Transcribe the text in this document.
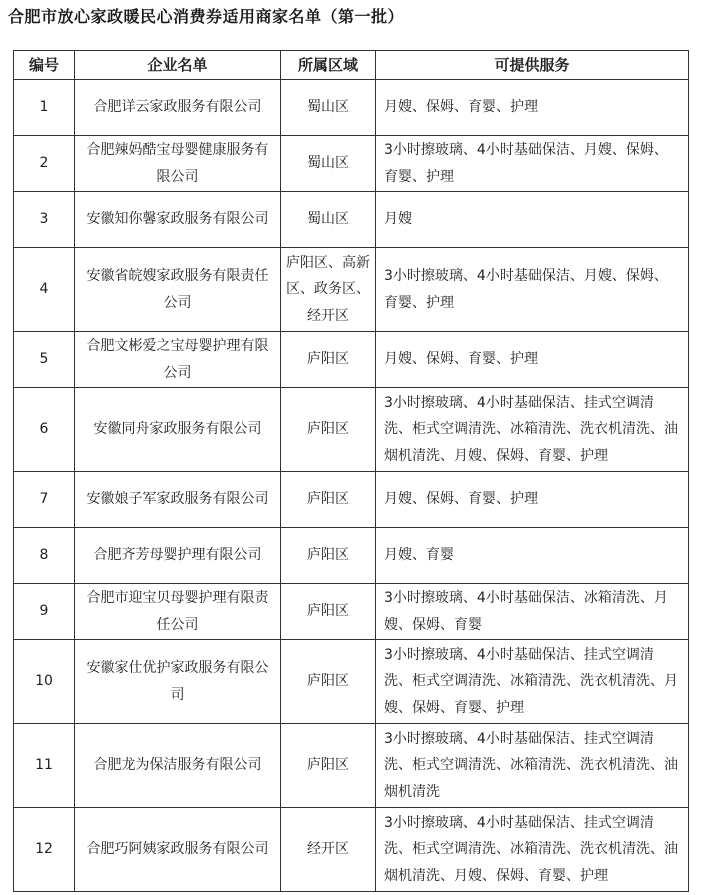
合肥市放心家政暖民心消费券适用商家名单（第一批）
编号	企业名单	所属区域	可提供服务
1	合肥详云家政服务有限公司	蜀山区	月嫂、保姆、育婴、护理
2	合肥辣妈酷宝母婴健康服务有限公司	蜀山区	3小时擦玻璃、4小时基础保洁、月嫂、保姆、育婴、护理
3	安徽知你馨家政服务有限公司	蜀山区	月嫂
4	安徽省皖嫂家政服务有限责任公司	庐阳区、高新区、政务区、经开区	3小时擦玻璃、4小时基础保洁、月嫂、保姆、育婴、护理
5	合肥文彬爱之宝母婴护理有限公司	庐阳区	月嫂、保姆、育婴、护理
6	安徽同舟家政服务有限公司	庐阳区	3小时擦玻璃、4小时基础保洁、挂式空调清洗、柜式空调清洗、冰箱清洗、洗衣机清洗、油烟机清洗、月嫂、保姆、育婴、护理
7	安徽娘子军家政服务有限公司	庐阳区	月嫂、保姆、育婴、护理
8	合肥齐芳母婴护理有限公司	庐阳区	月嫂、育婴
9	合肥市迎宝贝母婴护理有限责任公司	庐阳区	3小时擦玻璃、4小时基础保洁、冰箱清洗、月嫂、保姆、育婴
10	安徽家仕优护家政服务有限公司	庐阳区	3小时擦玻璃、4小时基础保洁、挂式空调清洗、柜式空调清洗、冰箱清洗、洗衣机清洗、月嫂、保姆、育婴、护理
11	合肥龙为保洁服务有限公司	庐阳区	3小时擦玻璃、4小时基础保洁、挂式空调清洗、柜式空调清洗、冰箱清洗、洗衣机清洗、油烟机清洗
12	合肥巧阿姨家政服务有限公司	经开区	3小时擦玻璃、4小时基础保洁、挂式空调清洗、柜式空调清洗、冰箱清洗、洗衣机清洗、油烟机清洗、月嫂、保姆、育婴、护理
